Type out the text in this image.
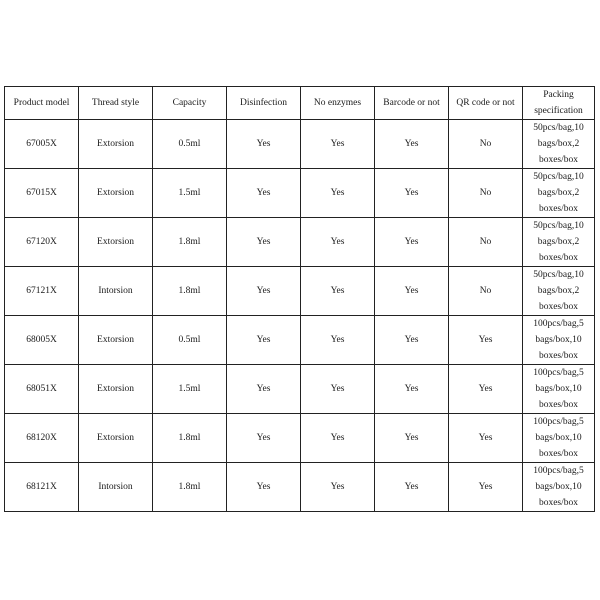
Product model	Thread style	Capacity	Disinfection	No enzymes	Barcode or not	QR code or not	Packing specification
67005X	Extorsion	0.5ml	Yes	Yes	Yes	No	50pcs/bag,10 bags/box,2 boxes/box

67015X	Extorsion	1.5ml	Yes	Yes	Yes	No	50pcs/bag,10 bags/box,2 boxes/box

67120X	Extorsion	1.8ml	Yes	Yes	Yes	No	50pcs/bag,10 bags/box,2 boxes/box

67121X	Intorsion	1.8ml	Yes	Yes	Yes	No	50pcs/bag,10 bags/box,2 boxes/box

68005X	Extorsion	0.5ml	Yes	Yes	Yes	Yes	100pcs/bag,5 bags/box,10 boxes/box

68051X	Extorsion	1.5ml	Yes	Yes	Yes	Yes	100pcs/bag,5 bags/box,10 boxes/box

68120X	Extorsion	1.8ml	Yes	Yes	Yes	Yes	100pcs/bag,5 bags/box,10 boxes/box

68121X	Intorsion	1.8ml	Yes	Yes	Yes	Yes	100pcs/bag,5 bags/box,10 boxes/box
